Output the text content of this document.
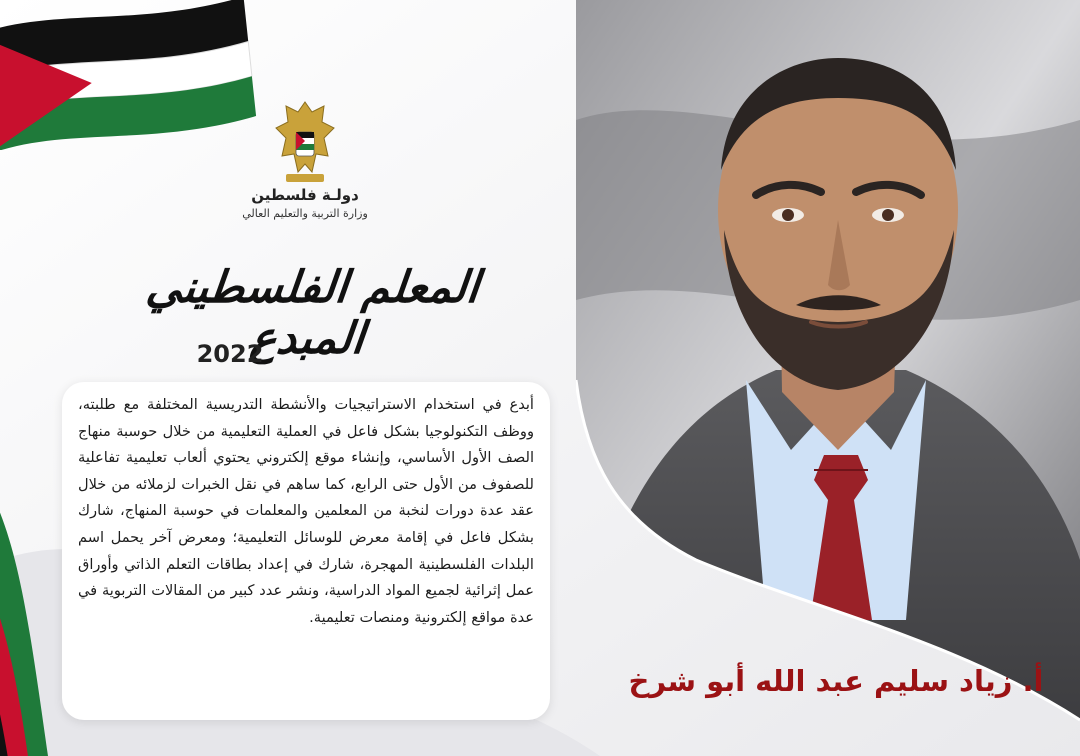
دولـة فلسطين
وزارة التربية والتعليم العالي
المعلم الفلسطيني المبدع
2022
أبدع في استخدام الاستراتيجيات والأنشطة التدريسية المختلفة مع طلبته، ووظف التكنولوجيا بشكل فاعل في العملية التعليمية من خلال حوسبة منهاج الصف الأول الأساسي، وإنشاء موقع إلكتروني يحتوي ألعاب تعليمية تفاعلية للصفوف من الأول حتى الرابع، كما ساهم في نقل الخبرات لزملائه من خلال عقد عدة دورات لنخبة من المعلمين والمعلمات في حوسبة المنهاج، شارك بشكل فاعل في إقامة معرض للوسائل التعليمية؛ ومعرض آخر يحمل اسم البلدات الفلسطينية المهجرة، شارك في إعداد بطاقات التعلم الذاتي وأوراق عمل إثرائية لجميع المواد الدراسية، ونشر عدد كبير من المقالات التربوية في عدة مواقع إلكترونية ومنصات تعليمية.
أ. زياد سليم عبد الله أبو شرخ
